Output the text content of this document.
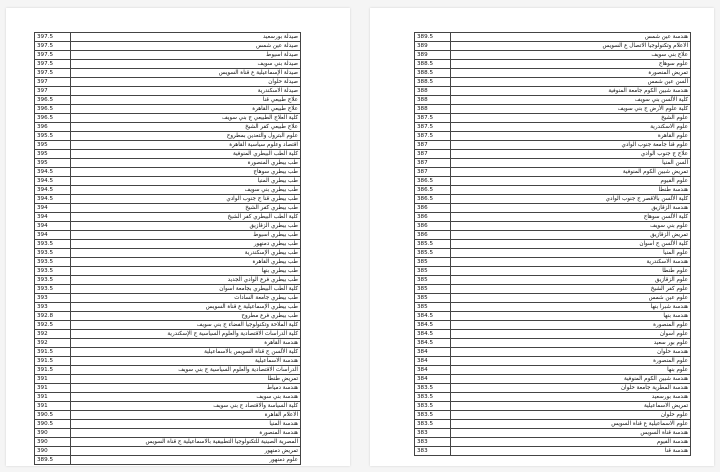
397.5	صيدلة بورسعيد
397.5	صيدلة عين شمس
397.5	صيدلة اسيوط
397.5	صيدلة بني سويف
397.5	صيدلة الإسماعيلية ع قناة السويس
397	صيدلة حلوان
397	صيدلة الاسكندرية
396.5	علاج طبيعي قنا
396.5	علاج طبيعي القاهرة
396.5	كلية العلاج الطبيعي ج بني سويف
396	علاج طبيعي كفر الشيخ
395.5	علوم البترول والتعدين بمطروح
395	اقتصاد وعلوم سياسية القاهرة
395	كلية الطب البيطري المنوفية
395	طب بيطري المنصورة
394.5	طب بيطري سوهاج
394.5	طب بيطري المنيا
394.5	طب بيطري بني سويف
394.5	طب بيطري قنا ج جنوب الوادي
394	طب بيطري كفر الشيخ
394	كلية الطب البيطري كفر الشيخ
394	طب بيطري الزقازيق
394	طب بيطري اسيوط
393.5	طب بيطري دمنهور
393.5	طب بيطري الإسكندرية
393.5	طب بيطري القاهرة
393.5	طب بيطري بنها
393.5	طب بيطري فرع الوادي الجديد
393.5	كلية الطب البيطري بجامعة اسوان
393	طب بيطري جامعة السادات
393	طب بيطري الإسماعيلية ع قناة السويس
392.8	طب بيطري فرع مطروح
392.5	كلية الملاحة وتكنولوجيا الفضاء ج بني سويف
392	كلية الدراسات الاقتصادية والعلوم السياسية ج الإسكندرية
392	هندسة القاهرة
391.5	كلية الألسن ج قناة السويس بالاسماعيلية
391.5	هندسة الاسماعيلية
391.5	الدراسات الاقتصادية والعلوم السياسية ج بني سويف
391	تمريض طنطا
391	هندسة دمياط
391	هندسة بني سويف
391	كلية السياسة والاقتصاد ج بني سويف
390.5	الاعلام القاهرة
390.5	هندسة المنيا
390	هندسة المنصورة
390	المصرية الصينية للتكنولوجيا التطبيقية بالاسماعيلية ج قناة السويس
390	تمريض دمنهور
389.5	علوم دمنهور
389.5	هندسة عين شمس
389	الاعلام وتكنولوجيا الاتصال ع السويس
389	علاج بني سويف
388.5	علوم سوهاج
388.5	تمريض المنصورة
388.5	ألسن عين شمس
388	هندسة شبين الكوم جامعة المنوفية
388	كلية الألسن بني سويف
388	كلية علوم الأرض ج بني سويف
387.5	علوم الشيخ
387.5	علوم الاسكندرية
387.5	علوم القاهرة
387	علوم قنا جامعة جنوب الوادي
387	علاج ج جنوب الوادي
387	ألسن المنيا
387	تمريض شبين الكوم المنوفية
386.5	علوم الفيوم
386.5	هندسة طنطا
386.5	كلية الألسن بالاقصر ج جنوب الوادي
386	هندسة الزقازيق
386	كلية الألسن سوهاج
386	علوم بني سويف
386	تمريض الزقازيق
385.5	كلية الألسن ج اسوان
385.5	علوم المنيا
385	هندسة الاسكندرية
385	علوم طنطا
385	علوم الزقازيق
385	علوم كفر الشيخ
385	علوم عين شمس
385	هندسة شبرا بنها
384.5	هندسة بنها
384.5	علوم المنصورة
384.5	علوم اسوان
384.5	علوم بور سعيد
384	هندسة حلوان
384	علوم المنصورة
384	علوم بنها
384	هندسة شبين الكوم المنوفية
383.5	هندسة المطرية جامعة حلوان
383.5	هندسة بورسعيد
383.5	تمريض الاسماعيلية
383.5	علوم حلوان
383.5	علوم الاسماعيلية ع قناة السويس
383	هندسة قناة السويس
383	هندسة الفيوم
383	هندسة قنا
